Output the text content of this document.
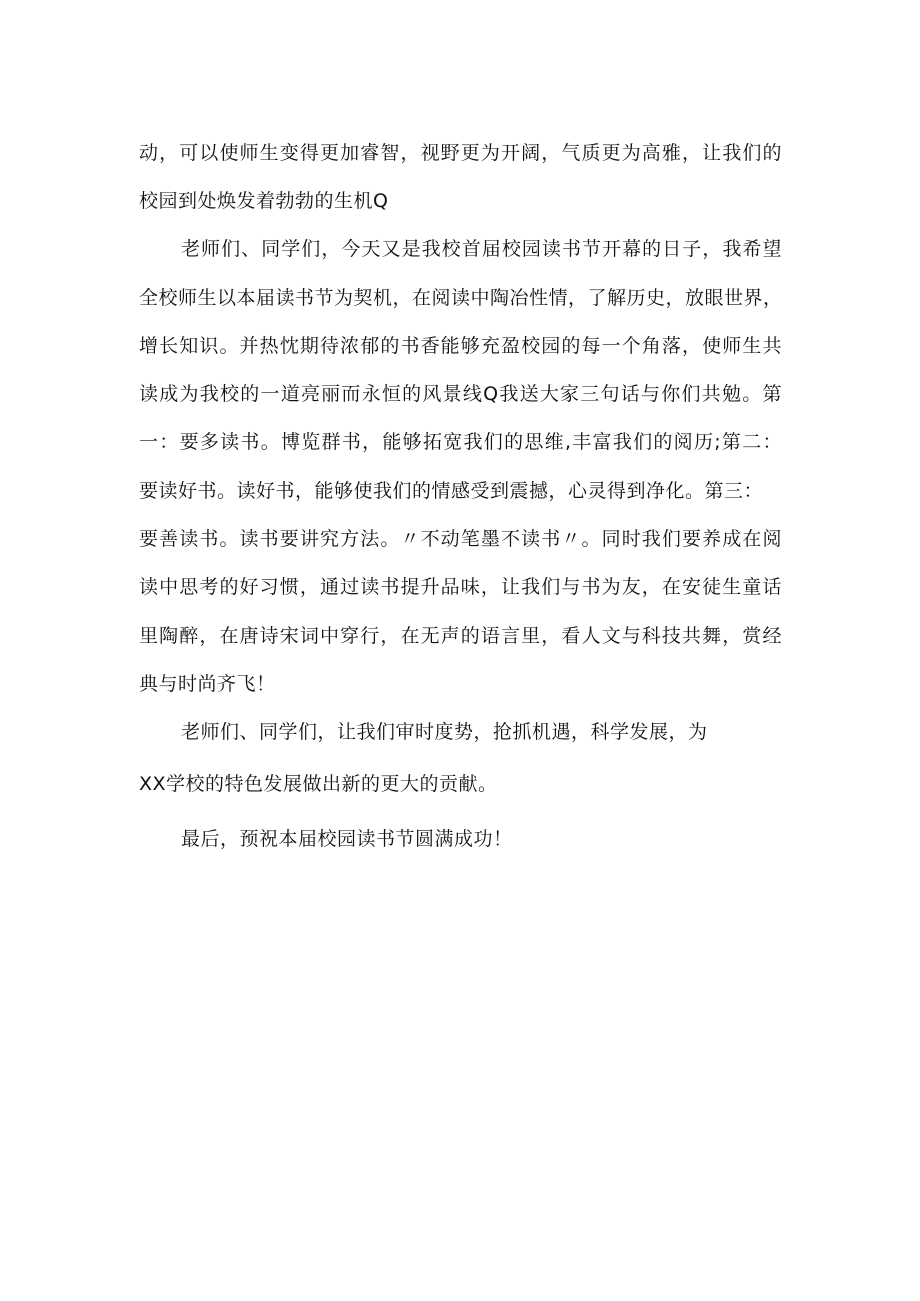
动，可以使师生变得更加睿智，视野更为开阔，气质更为高雅，让我们的
校园到处焕发着勃勃的生机Q
老师们、同学们，今天又是我校首届校园读书节开幕的日子，我希望
全校师生以本届读书节为契机，在阅读中陶冶性情，了解历史，放眼世界，
增长知识。并热忱期待浓郁的书香能够充盈校园的每一个角落，使师生共
读成为我校的一道亮丽而永恒的风景线Q我送大家三句话与你们共勉。第
一：要多读书。博览群书，能够拓宽我们的思维,丰富我们的阅历;第二：
要读好书。读好书，能够使我们的情感受到震撼，心灵得到净化。第三：
要善读书。读书要讲究方法。〃不动笔墨不读书〃。同时我们要养成在阅
读中思考的好习惯，通过读书提升品味，让我们与书为友，在安徒生童话
里陶醉，在唐诗宋词中穿行，在无声的语言里，看人文与科技共舞，赏经
典与时尚齐飞！
老师们、同学们，让我们审时度势，抢抓机遇，科学发展，为
XX学校的特色发展做出新的更大的贡献。
最后，预祝本届校园读书节圆满成功！
